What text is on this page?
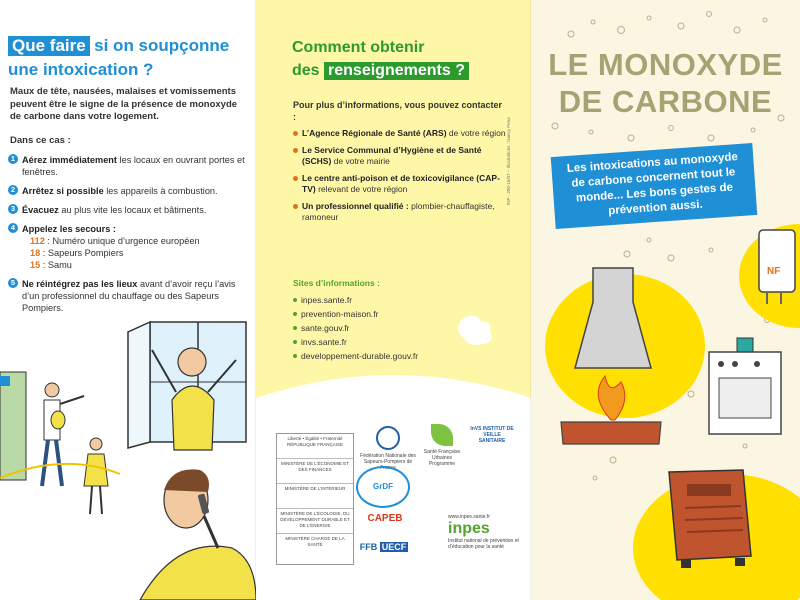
Que faire si on soupçonne
une intoxication ?
Maux de tête, nausées, malaises et vomissements peuvent être le signe de la présence de monoxyde de carbone dans votre logement.
Dans ce cas :
1 Aérez immédiatement les locaux en ouvrant portes et fenêtres.
2 Arrêtez si possible les appareils à combustion.
3 Évacuez au plus vite les locaux et bâtiments.
4 Appelez les secours :
112 : Numéro unique d’urgence européen
18 : Sapeurs Pompiers
15 : Samu
5 Ne réintégrez pas les lieux avant d’avoir reçu l’avis d’un professionnel du chauffage ou des Sapeurs Pompiers.
Comment obtenir
des renseignements ?
Pour plus d’informations, vous pouvez contacter :
L’Agence Régionale de Santé (ARS) de votre région
Le Service Communal d’Hygiène et de Santé (SCHS) de votre mairie
Le centre anti-poison et de toxicovigilance (CAP-TV) relevant de votre région
Un professionnel qualifié : plombier-chauffagiste, ramoneur
Sites d’informations :
inpes.sante.fr
prevention-maison.fr
sante.gouv.fr
invs.sante.fr
developpement-durable.gouv.fr
INP - 200-16/07 – Illustrations : Nancy Pena
Liberté • Égalité • Fraternité RÉPUBLIQUE FRANÇAISE
MINISTÈRE DE L’ÉCONOMIE ET DES FINANCES
MINISTÈRE DE L’INTÉRIEUR
MINISTÈRE DE L’ÉCOLOGIE, DU DÉVELOPPEMENT DURABLE ET DE L’ÉNERGIE
MINISTÈRE CHARGÉ DE LA SANTÉ
Fédération Nationale des Sapeurs-Pompiers de France
Santé Française Urbaines Programme
InVS INSTITUT DE VEILLE SANITAIRE
GrDF
CAPEB
FFB UECF
www.inpes.sante.fr
inpes
Institut national de prévention et d’éducation pour la santé
NF
LE MONOXYDE
DE CARBONE
Les intoxications au monoxyde de carbone concernent tout le monde... Les bons gestes de prévention aussi.
